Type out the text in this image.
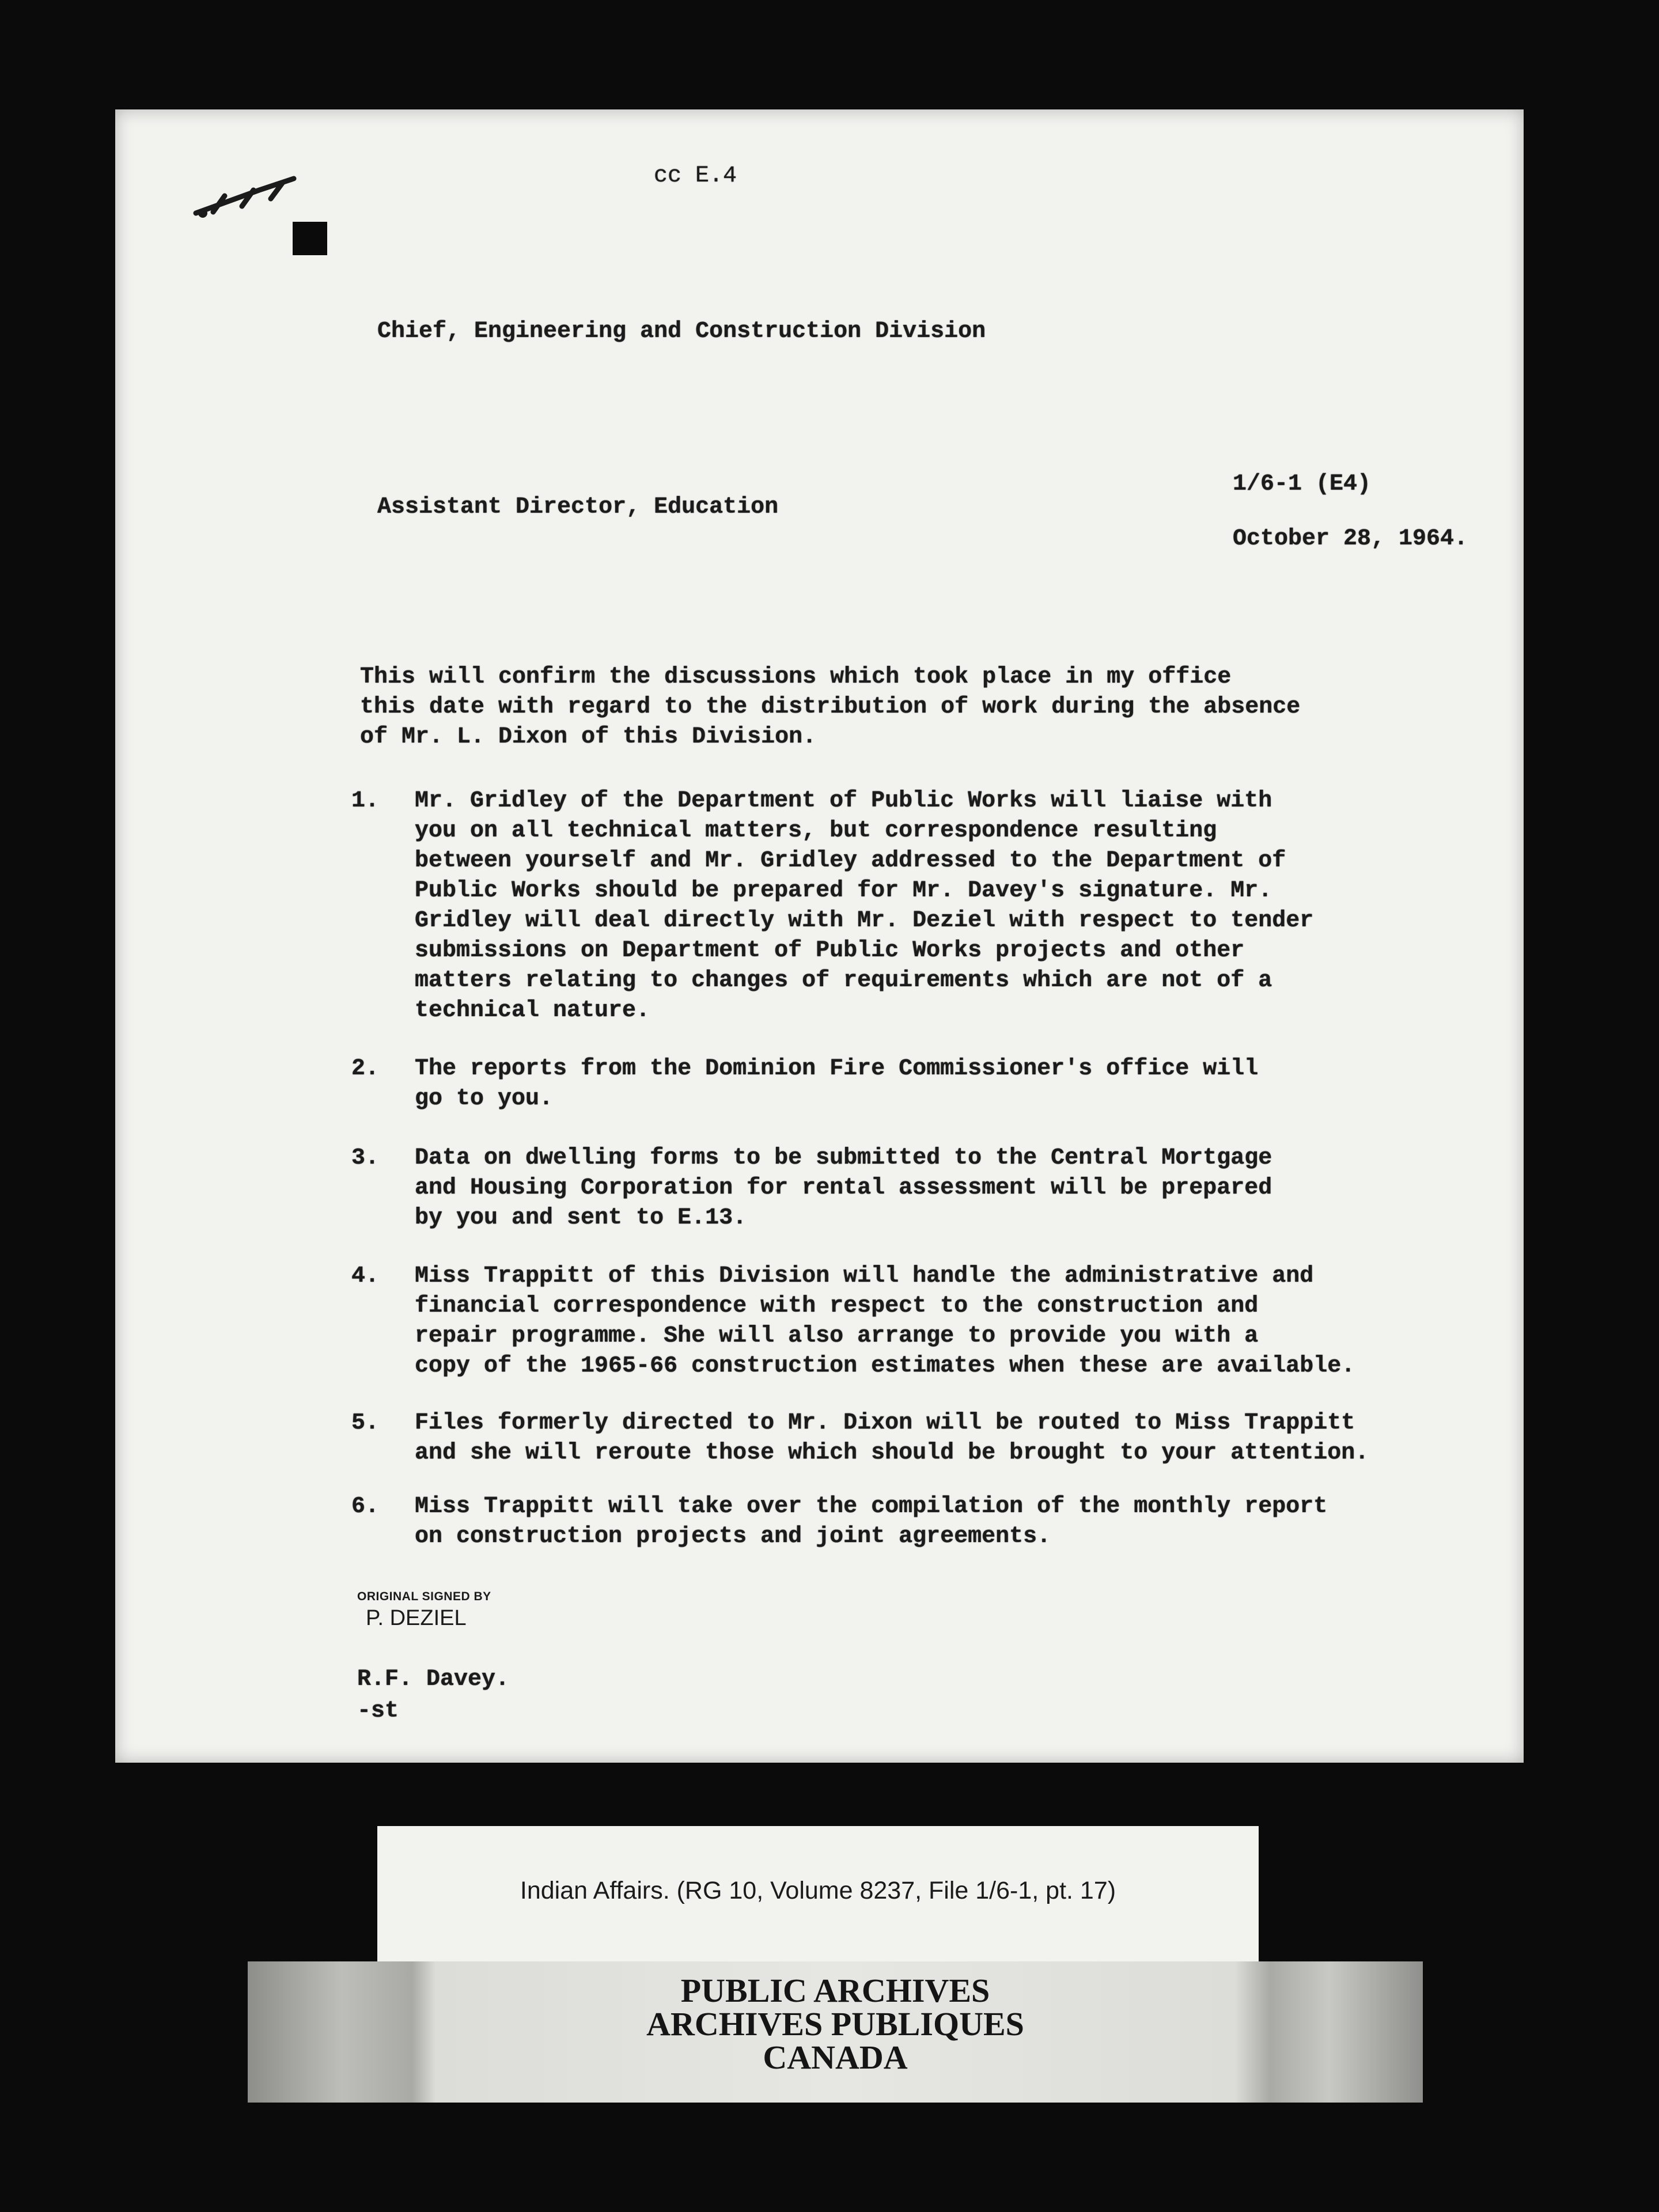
cc E.4
Chief, Engineering and Construction Division
Assistant Director, Education
1/6-1 (E4)
October 28, 1964.
This will confirm the discussions which took place in my office
this date with regard to the distribution of work during the absence
of Mr. L. Dixon of this Division.
1.	Mr. Gridley of the Department of Public Works will liaise with
you on all technical matters, but correspondence resulting
between yourself and Mr. Gridley addressed to the Department of
Public Works should be prepared for Mr. Davey's signature. Mr.
Gridley will deal directly with Mr. Deziel with respect to tender
submissions on Department of Public Works projects and other
matters relating to changes of requirements which are not of a
technical nature.
2.	The reports from the Dominion Fire Commissioner's office will
go to you.
3.	Data on dwelling forms to be submitted to the Central Mortgage
and Housing Corporation for rental assessment will be prepared
by you and sent to E.13.
4.	Miss Trappitt of this Division will handle the administrative and
financial correspondence with respect to the construction and
repair programme. She will also arrange to provide you with a
copy of the 1965-66 construction estimates when these are available.
5.	Files formerly directed to Mr. Dixon will be routed to Miss Trappitt
and she will reroute those which should be brought to your attention.
6.	Miss Trappitt will take over the compilation of the monthly report
on construction projects and joint agreements.
ORIGINAL SIGNED BY
P. DEZIEL
R.F. Davey.
-st
Indian Affairs. (RG 10, Volume 8237, File 1/6-1, pt. 17)
PUBLIC ARCHIVES
ARCHIVES PUBLIQUES
CANADA
